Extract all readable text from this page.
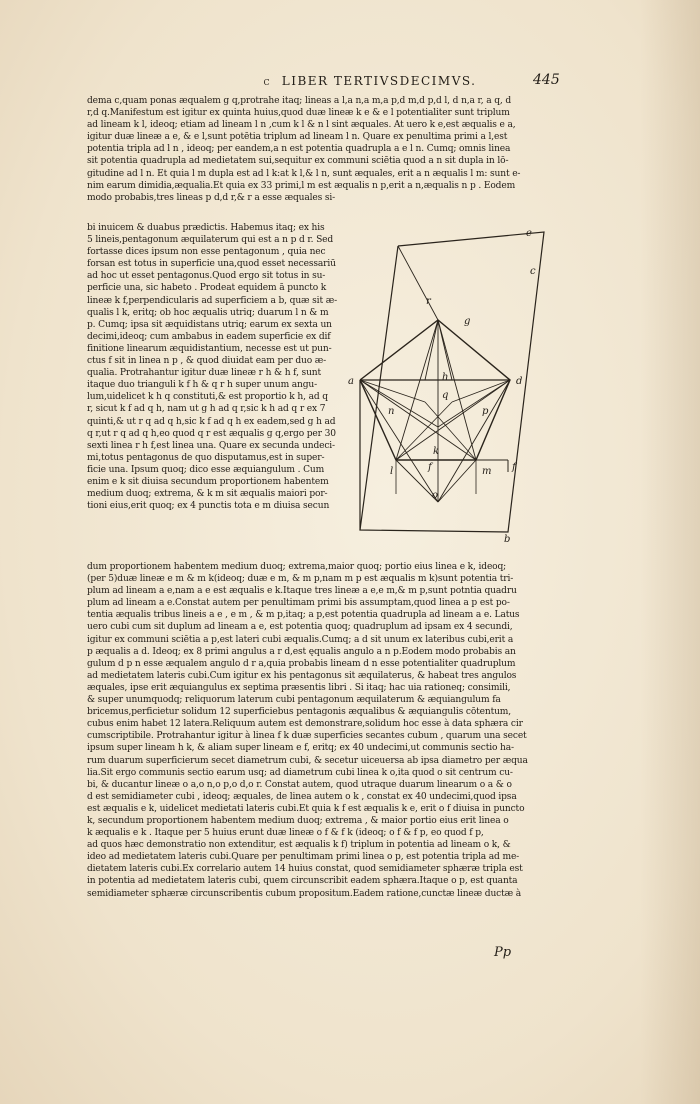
c LIBER TERTIVSDECIMVS.	445
dema c,quam ponas æqualem g q,protrahe itaq; lineas a l,a n,a m,a p,d m,d p,d l, d n,a r, a q, d
r,d q.Manifestum est igitur ex quinta huius,quod duæ lineæ k e & e l potentialiter sunt triplum
ad lineam k l, ideoq; etiam ad lineam l n ,cum k l & n l sint æquales. At uero k e,est æqualis e a,
igitur duæ lineæ a e, & e l,sunt potētia triplum ad lineam l n. Quare ex penultima primi a l,est
potentia tripla ad l n , ideoq; per eandem,a n est potentia quadrupla a e l n. Cumq; omnis linea
sit potentia quadrupla ad medietatem sui,sequitur ex communi sciētia quod a n sit dupla in lō-
gitudine ad l n. Et quia l m dupla est ad l k:at k l,& l n, sunt æquales, erit a n æqualis l m: sunt e-
nim earum dimidia,æqualia.Et quia ex 33 primi,l m est æqualis n p,erit a n,æqualis n p . Eodem
modo probabis,tres lineas p d,d r,& r a esse æquales si-
bi inuicem & duabus prædictis. Habemus itaq; ex his
5 lineis,pentagonum æquilaterum qui est a n p d r. Sed
fortasse dices ipsum non esse pentagonum , quia nec
forsan est totus in superficie una,quod esset necessariū
ad hoc ut esset pentagonus.Quod ergo sit totus in su-
perficie una, sic habeto . Prodeat equidem ā puncto k
lineæ k f,perpendicularis ad superficiem a b, quæ sit æ-
qualis l k, eritq; ob hoc æqualis utriq; duarum l n & m
p. Cumq; ipsa sit æquidistans utriq; earum ex sexta un
decimi,ideoq; cum ambabus in eadem superficie ex dif
finitione linearum æquidistantium, necesse est ut pun-
ctus f sit in linea n p , & quod diuidat eam per duo æ-
qualia. Protrahantur igitur duæ lineæ r h & h f, sunt
itaque duo trianguli k f h & q r h super unum angu-
lum,uidelicet k h q constituti,& est proportio k h, ad q
r, sicut k f ad q h, nam ut g h ad q r,sic k h ad q r ex 7
quinti,& ut r q ad q h,sic k f ad q h ex eadem,sed g h ad
q r,ut r q ad q h,eo quod q r est æqualis g q,ergo per 30
sexti linea r h f,est linea una. Quare ex secunda undeci-
mi,totus pentagonus de quo disputamus,est in super-
ficie una. Ipsum quoq; dico esse æquiangulum . Cum
enim e k sit diuisa secundum proportionem habentem
medium duoq; extrema, & k m sit æqualis maiori por-
tioni eius,erit quoq; ex 4 punctis tota e m diuisa secun
e
c
r
g
a	d
h
q
n
k
p
l	m
f
o
b
f
dum proportionem habentem medium duoq; extrema,maior quoq; portio eius linea e k, ideoq;
(per 5)duæ lineæ e m & m k(ideoq; duæ e m, & m p,nam m p est æqualis m k)sunt potentia tri-
plum ad lineam a e,nam a e est æqualis e k.Itaque tres lineæ a e,e m,& m p,sunt potntia quadru
plum ad lineam a e.Constat autem per penultimam primi bis assumptam,quod linea a p est po-
tentia æqualis tribus lineis a e , e m , & m p,itaq; a p,est potentia quadrupla ad lineam a e. Latus
uero cubi cum sit duplum ad lineam a e, est potentia quoq; quadruplum ad ipsam ex 4 secundi,
igitur ex communi sciētia a p,est lateri cubi æqualis.Cumq; a d sit unum ex lateribus cubi,erit a
p æqualis a d. Ideoq; ex 8 primi angulus a r d,est ęqualis angulo a n p.Eodem modo probabis an
gulum d p n esse æqualem angulo d r a,quia probabis lineam d n esse potentialiter quadruplum
ad medietatem lateris cubi.Cum igitur ex his pentagonus sit æquilaterus, & habeat tres angulos
æquales, ipse erit æquiangulus ex septima præsentis libri . Si itaq; hac uia rationeq; consimili,
& super unumquodq; reliquorum laterum cubi pentagonum æquilaterum & æquiangulum fa
bricemus,perficietur solidum 12 superficiebus pentagonis æqualibus & æquiangulis cōtentum,
cubus enim habet 12 latera.Reliquum autem est demonstrare,solidum hoc esse à data sphæra cir
cumscriptibile. Protrahantur igitur à linea f k duæ superficies secantes cubum , quarum una secet
ipsum super lineam h k, & aliam super lineam e f, eritq; ex 40 undecimi,ut communis sectio ha-
rum duarum superficierum secet diametrum cubi, & secetur uiceuersa ab ipsa diametro per æqua
lia.Sit ergo communis sectio earum usq; ad diametrum cubi linea k o,ita quod o sit centrum cu-
bi, & ducantur lineæ o a,o n,o p,o d,o r. Constat autem, quod utraque duarum linearum o a & o
d est semidiameter cubi , ideoq; æquales, de linea autem o k , constat ex 40 undecimi,quod ipsa
est æqualis e k, uidelicet medietati lateris cubi.Et quia k f est æqualis k e, erit o f diuisa in puncto
k, secundum proportionem habentem medium duoq; extrema , & maior portio eius erit linea o
k æqualis e k . Itaque per 5 huius erunt duæ lineæ o f & f k (ideoq; o f & f p, eo quod f p,
ad quos hæc demonstratio non extenditur, est æqualis k f) triplum in potentia ad lineam o k, &
ideo ad medietatem lateris cubi.Quare per penultimam primi linea o p, est potentia tripla ad me-
dietatem lateris cubi.Ex correlario autem 14 huius constat, quod semidiameter sphæræ tripla est
in potentia ad medietatem lateris cubi, quem circunscribit eadem sphæra.Itaque o p, est quanta
semidiameter sphæræ circunscribentis cubum propositum.Eadem ratione,cunctæ lineæ ductæ à
Pp
